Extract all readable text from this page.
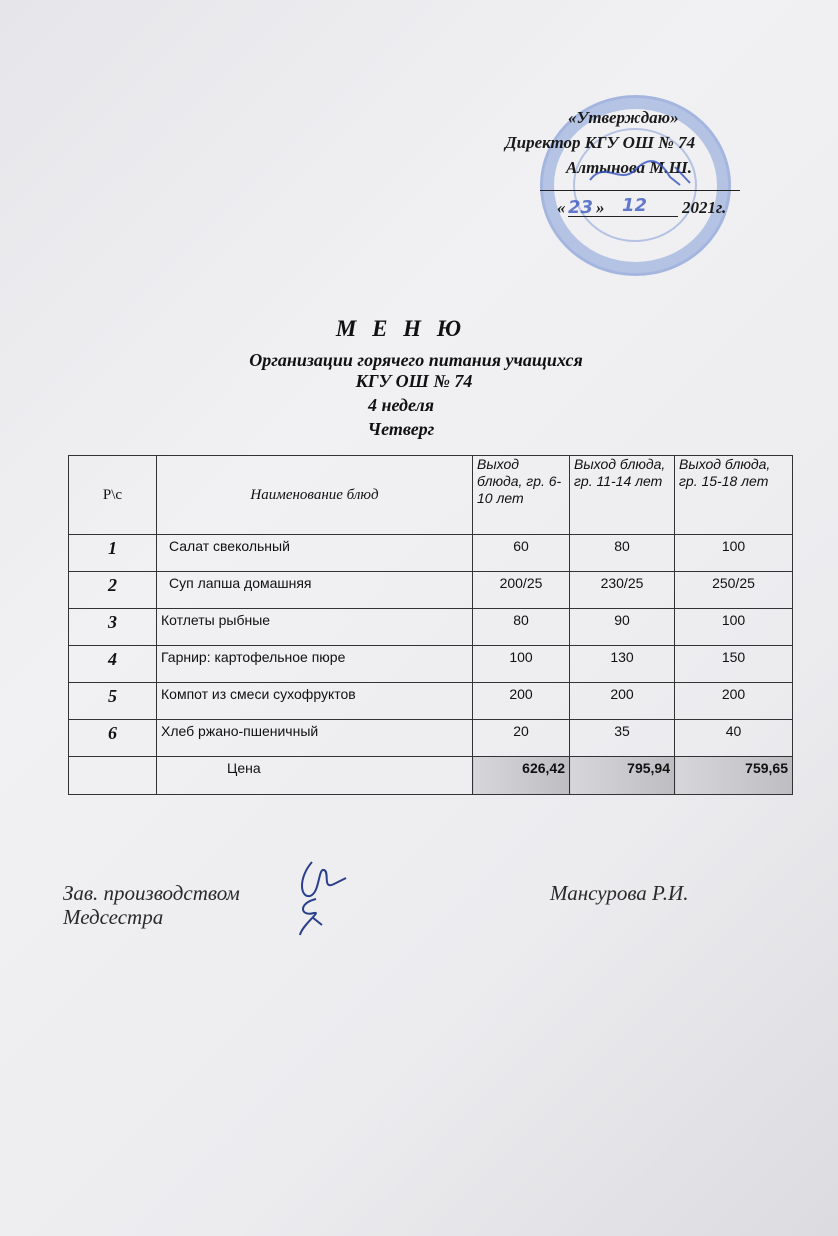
«Утверждаю»
Директор КГУ ОШ № 74
Алтынова М.Ш.
« 23 » 12 2021г.
М Е Н Ю
Организации горячего питания учащихся
КГУ ОШ № 74
4 неделя
Четверг
Р\с	Наименование блюд	Выход блюда, гр. 6-10 лет	Выход блюда, гр. 11-14 лет	Выход блюда, гр. 15-18 лет
1	Салат свекольный	60	80	100
2	Суп лапша домашняя	200/25	230/25	250/25
3	Котлеты рыбные	80	90	100
4	Гарнир: картофельное пюре	100	130	150
5	Компот из смеси сухофруктов	200	200	200
6	Хлеб ржано-пшеничный	20	35	40
	Цена	626,42	795,94	759,65
Зав. производством
Медсестра
Мансурова Р.И.
